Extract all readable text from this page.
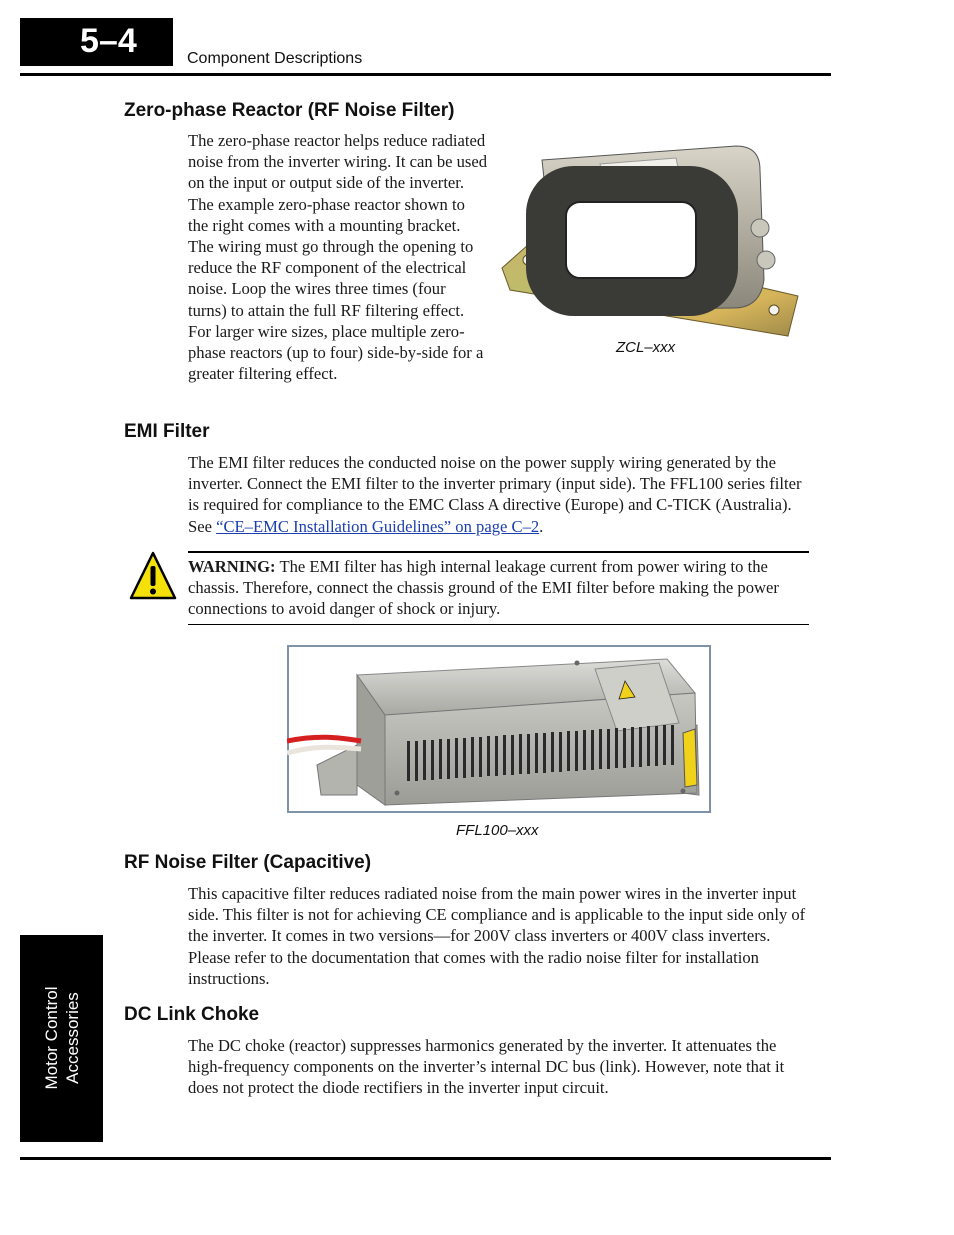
5–4	Component Descriptions
Zero-phase Reactor (RF Noise Filter)

The zero-phase reactor helps reduce radiated noise from the inverter wiring. It can be used on the input or output side of the inverter. The example zero-phase reactor shown to the right comes with a mounting bracket. The wiring must go through the opening to reduce the RF component of the electrical noise. Loop the wires three times (four turns) to attain the full RF filtering effect. For larger wire sizes, place multiple zero-phase reactors (up to four) side-by-side for a greater filtering effect.

ZCL–xxx
EMI Filter

The EMI filter reduces the conducted noise on the power supply wiring generated by the inverter. Connect the EMI filter to the inverter primary (input side). The FFL100 series filter is required for compliance to the EMC Class A directive (Europe) and C-TICK (Australia). See “CE–EMC Installation Guidelines” on page C–2.

WARNING: The EMI filter has high internal leakage current from power wiring to the chassis. Therefore, connect the chassis ground of the EMI filter before making the power connections to avoid danger of shock or injury.

FFL100–xxx
RF Noise Filter (Capacitive)

This capacitive filter reduces radiated noise from the main power wires in the inverter input side. This filter is not for achieving CE compliance and is applicable to the input side only of the inverter. It comes in two versions—for 200V class inverters or 400V class inverters. Please refer to the documentation that comes with the radio noise filter for installation instructions.

DC Link Choke

The DC choke (reactor) suppresses harmonics generated by the inverter. It attenuates the high-frequency components on the inverter’s internal DC bus (link). However, note that it does not protect the diode rectifiers in the inverter input circuit.

Motor Control Accessories
